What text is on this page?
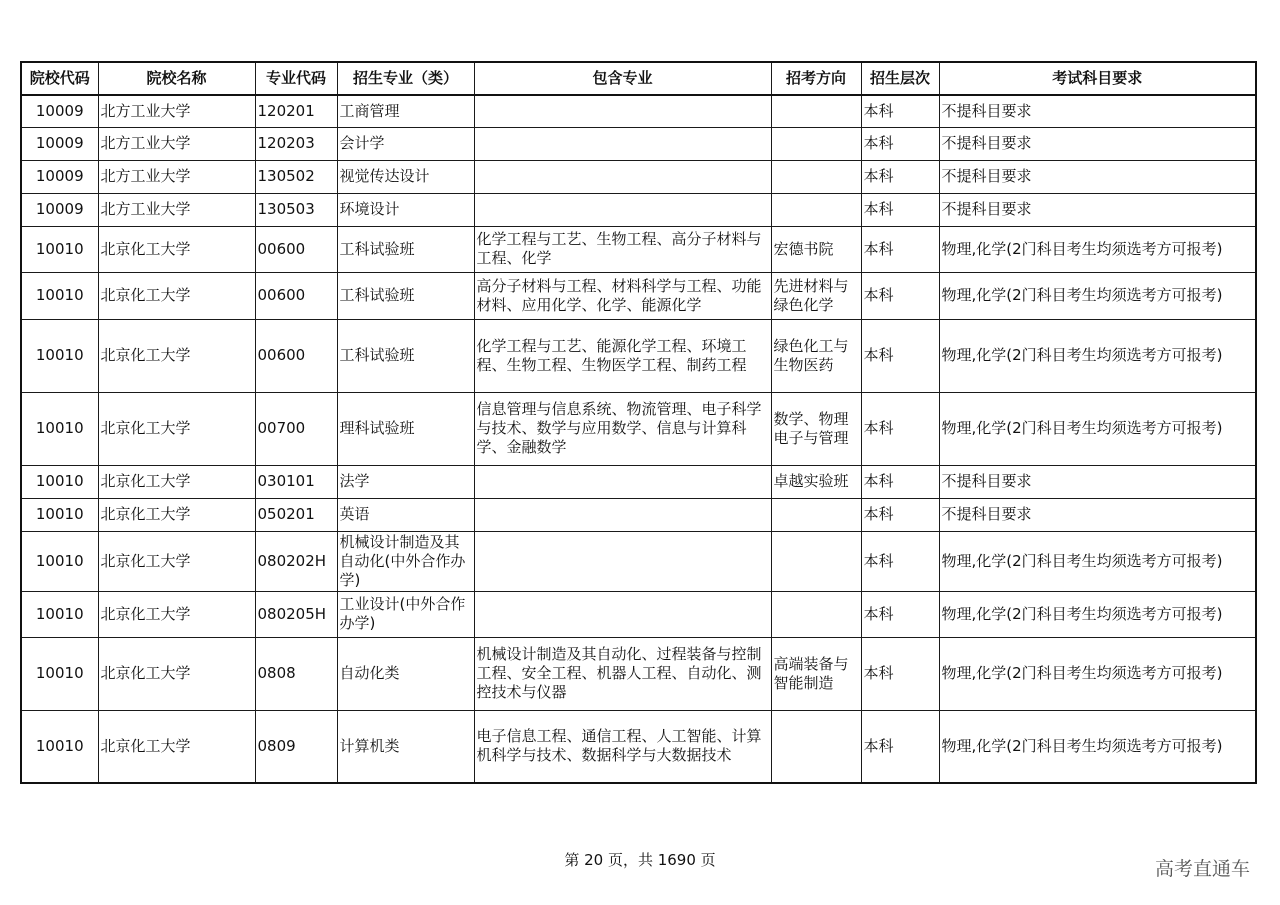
院校代码	院校名称	专业代码	招生专业（类）	包含专业	招考方向	招生层次	考试科目要求
10009	北方工业大学	120201	工商管理			本科	不提科目要求
10009	北方工业大学	120203	会计学			本科	不提科目要求
10009	北方工业大学	130502	视觉传达设计			本科	不提科目要求
10009	北方工业大学	130503	环境设计			本科	不提科目要求
10010	北京化工大学	00600	工科试验班	化学工程与工艺、生物工程、高分子材料与工程、化学	宏德书院	本科	物理,化学(2门科目考生均须选考方可报考)
10010	北京化工大学	00600	工科试验班	高分子材料与工程、材料科学与工程、功能材料、应用化学、化学、能源化学	先进材料与绿色化学	本科	物理,化学(2门科目考生均须选考方可报考)
10010	北京化工大学	00600	工科试验班	化学工程与工艺、能源化学工程、环境工程、生物工程、生物医学工程、制药工程	绿色化工与生物医药	本科	物理,化学(2门科目考生均须选考方可报考)
10010	北京化工大学	00700	理科试验班	信息管理与信息系统、物流管理、电子科学与技术、数学与应用数学、信息与计算科学、金融数学	数学、物理电子与管理	本科	物理,化学(2门科目考生均须选考方可报考)
10010	北京化工大学	030101	法学		卓越实验班	本科	不提科目要求
10010	北京化工大学	050201	英语			本科	不提科目要求
10010	北京化工大学	080202H	机械设计制造及其自动化(中外合作办学)			本科	物理,化学(2门科目考生均须选考方可报考)
10010	北京化工大学	080205H	工业设计(中外合作办学)			本科	物理,化学(2门科目考生均须选考方可报考)
10010	北京化工大学	0808	自动化类	机械设计制造及其自动化、过程装备与控制工程、安全工程、机器人工程、自动化、测控技术与仪器	高端装备与智能制造	本科	物理,化学(2门科目考生均须选考方可报考)
10010	北京化工大学	0809	计算机类	电子信息工程、通信工程、人工智能、计算机科学与技术、数据科学与大数据技术		本科	物理,化学(2门科目考生均须选考方可报考)
第 20 页，共 1690 页	高考直通车
